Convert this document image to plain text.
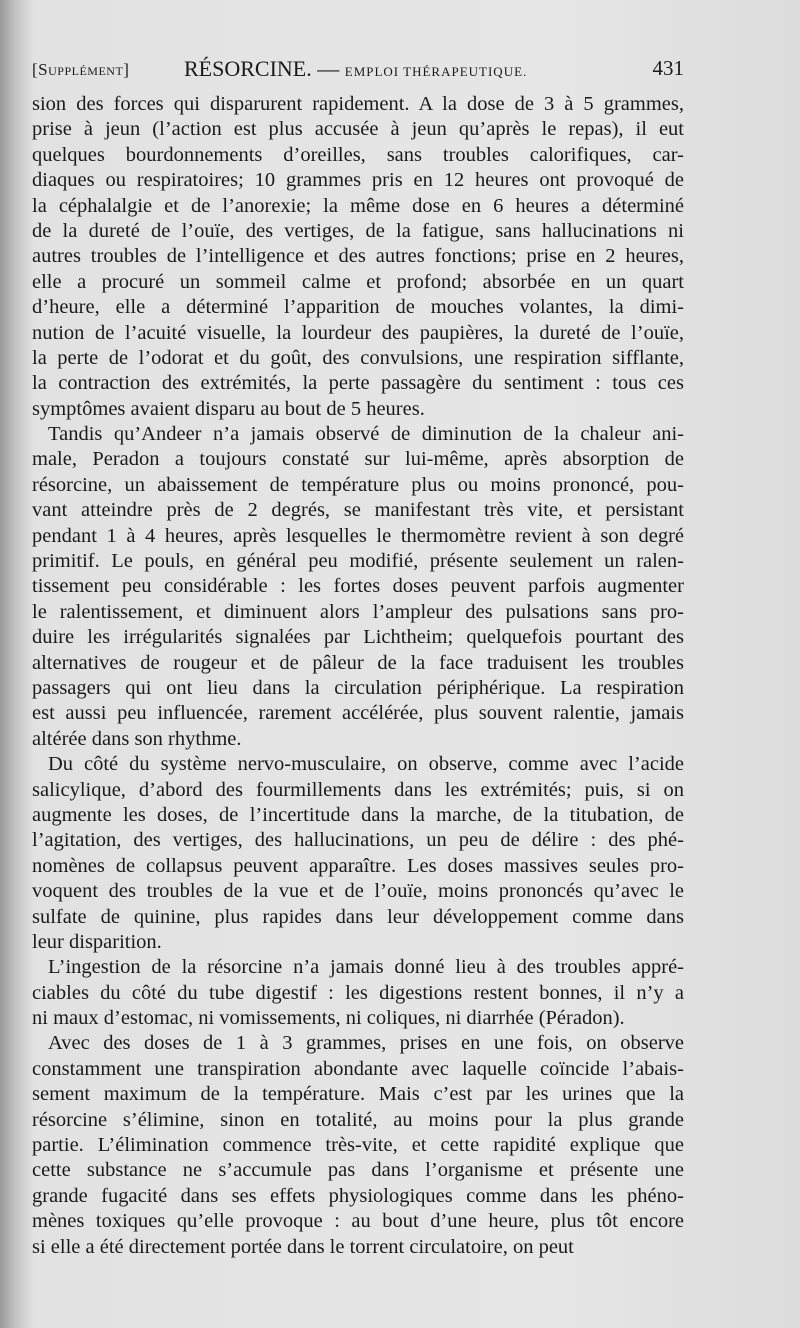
[Supplément] RÉSORCINE. — EMPLOI THÉRAPEUTIQUE.	431

sion des forces qui disparurent rapidement. A la dose de 3 à 5 grammes,
prise à jeun (l’action est plus accusée à jeun qu’après le repas), il eut
quelques bourdonnements d’oreilles, sans troubles calorifiques, car-
diaques ou respiratoires; 10 grammes pris en 12 heures ont provoqué de
la céphalalgie et de l’anorexie; la même dose en 6 heures a déterminé
de la dureté de l’ouïe, des vertiges, de la fatigue, sans hallucinations ni
autres troubles de l’intelligence et des autres fonctions; prise en 2 heures,
elle a procuré un sommeil calme et profond; absorbée en un quart
d’heure, elle a déterminé l’apparition de mouches volantes, la dimi-
nution de l’acuité visuelle, la lourdeur des paupières, la dureté de l’ouïe,
la perte de l’odorat et du goût, des convulsions, une respiration sifflante,
la contraction des extrémités, la perte passagère du sentiment : tous ces
symptômes avaient disparu au bout de 5 heures.

Tandis qu’Andeer n’a jamais observé de diminution de la chaleur ani-
male, Peradon a toujours constaté sur lui-même, après absorption de
résorcine, un abaissement de température plus ou moins prononcé, pou-
vant atteindre près de 2 degrés, se manifestant très vite, et persistant
pendant 1 à 4 heures, après lesquelles le thermomètre revient à son degré
primitif. Le pouls, en général peu modifié, présente seulement un ralen-
tissement peu considérable : les fortes doses peuvent parfois augmenter
le ralentissement, et diminuent alors l’ampleur des pulsations sans pro-
duire les irrégularités signalées par Lichtheim; quelquefois pourtant des
alternatives de rougeur et de pâleur de la face traduisent les troubles
passagers qui ont lieu dans la circulation périphérique. La respiration
est aussi peu influencée, rarement accélérée, plus souvent ralentie, jamais
altérée dans son rhythme.

Du côté du système nervo-musculaire, on observe, comme avec l’acide
salicylique, d’abord des fourmillements dans les extrémités; puis, si on
augmente les doses, de l’incertitude dans la marche, de la titubation, de
l’agitation, des vertiges, des hallucinations, un peu de délire : des phé-
nomènes de collapsus peuvent apparaître. Les doses massives seules pro-
voquent des troubles de la vue et de l’ouïe, moins prononcés qu’avec le
sulfate de quinine, plus rapides dans leur développement comme dans
leur disparition.

L’ingestion de la résorcine n’a jamais donné lieu à des troubles appré-
ciables du côté du tube digestif : les digestions restent bonnes, il n’y a
ni maux d’estomac, ni vomissements, ni coliques, ni diarrhée (Péradon).

Avec des doses de 1 à 3 grammes, prises en une fois, on observe
constamment une transpiration abondante avec laquelle coïncide l’abais-
sement maximum de la température. Mais c’est par les urines que la
résorcine s’élimine, sinon en totalité, au moins pour la plus grande
partie. L’élimination commence très-vite, et cette rapidité explique que
cette substance ne s’accumule pas dans l’organisme et présente une
grande fugacité dans ses effets physiologiques comme dans les phéno-
mènes toxiques qu’elle provoque : au bout d’une heure, plus tôt encore
si elle a été directement portée dans le torrent circulatoire, on peut
